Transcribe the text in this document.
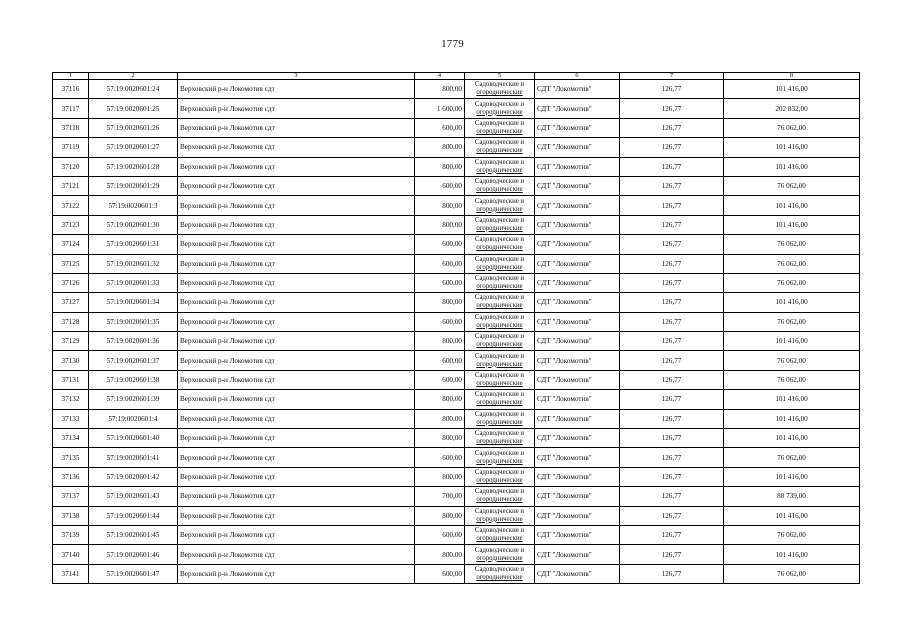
1779
1	2	3	4	5	6	7	8
37116	57:19:0020601:24	Верховский р-н Локомотив сдт	800,00	Садоводческие и
огороднические	СДТ "Локомотив"	126,77	101 416,00
37117	57:19:0020601:25	Верховский р-н Локомотив сдт	1 600,00	Садоводческие и
огороднические	СДТ "Локомотив"	126,77	202 832,00
37118	57:19:0020601:26	Верховский р-н Локомотив сдт	600,00	Садоводческие и
огороднические	СДТ "Локомотив"	126,77	76 062,00
37119	57:19:0020601:27	Верховский р-н Локомотив сдт	800,00	Садоводческие и
огороднические	СДТ "Локомотив"	126,77	101 416,00
37120	57:19:0020601:28	Верховский р-н Локомотив сдт	800,00	Садоводческие и
огороднические	СДТ "Локомотив"	126,77	101 416,00
37121	57:19:0020601:29	Верховский р-н Локомотив сдт	600,00	Садоводческие и
огороднические	СДТ "Локомотив"	126,77	76 062,00
37122	57:19:0020601:3	Верховский р-н Локомотив сдт	800,00	Садоводческие и
огороднические	СДТ "Локомотив"	126,77	101 416,00
37123	57:19:0020601:30	Верховский р-н Локомотив сдт	800,00	Садоводческие и
огороднические	СДТ "Локомотив"	126,77	101 416,00
37124	57:19:0020601:31	Верховский р-н Локомотив сдт	600,00	Садоводческие и
огороднические	СДТ "Локомотив"	126,77	76 062,00
37125	57:19:0020601:32	Верховский р-н Локомотив сдт	600,00	Садоводческие и
огороднические	СДТ "Локомотив"	126,77	76 062,00
37126	57:19:0020601:33	Верховский р-н Локомотив сдт	600,00	Садоводческие и
огороднические	СДТ "Локомотив"	126,77	76 062,00
37127	57:19:0020601:34	Верховский р-н Локомотив сдт	800,00	Садоводческие и
огороднические	СДТ "Локомотив"	126,77	101 416,00
37128	57:19:0020601:35	Верховский р-н Локомотив сдт	600,00	Садоводческие и
огороднические	СДТ "Локомотив"	126,77	76 062,00
37129	57:19:0020601:36	Верховский р-н Локомотив сдт	800,00	Садоводческие и
огороднические	СДТ "Локомотив"	126,77	101 416,00
37130	57:19:0020601:37	Верховский р-н Локомотив сдт	600,00	Садоводческие и
огороднические	СДТ "Локомотив"	126,77	76 062,00
37131	57:19:0020601:38	Верховский р-н Локомотив сдт	600,00	Садоводческие и
огороднические	СДТ "Локомотив"	126,77	76 062,00
37132	57:19:0020601:39	Верховский р-н Локомотив сдт	800,00	Садоводческие и
огороднические	СДТ "Локомотив"	126,77	101 416,00
37133	57:19:0020601:4	Верховский р-н Локомотив сдт	800,00	Садоводческие и
огороднические	СДТ "Локомотив"	126,77	101 416,00
37134	57:19:0020601:40	Верховский р-н Локомотив сдт	800,00	Садоводческие и
огороднические	СДТ "Локомотив"	126,77	101 416,00
37135	57:19:0020601:41	Верховский р-н Локомотив сдт	600,00	Садоводческие и
огороднические	СДТ "Локомотив"	126,77	76 062,00
37136	57:19:0020601:42	Верховский р-н Локомотив сдт	800,00	Садоводческие и
огороднические	СДТ "Локомотив"	126,77	101 416,00
37137	57:19:0020601:43	Верховский р-н Локомотив сдт	700,00	Садоводческие и
огороднические	СДТ "Локомотив"	126,77	88 739,00
37138	57:19:0020601:44	Верховский р-н Локомотив сдт	800,00	Садоводческие и
огороднические	СДТ "Локомотив"	126,77	101 416,00
37139	57:19:0020601:45	Верховский р-н Локомотив сдт	600,00	Садоводческие и
огороднические	СДТ "Локомотив"	126,77	76 062,00
37140	57:19:0020601:46	Верховский р-н Локомотив сдт	800,00	Садоводческие и
огороднические	СДТ "Локомотив"	126,77	101 416,00
37141	57:19:0020601:47	Верховский р-н Локомотив сдт	600,00	Садоводческие и
огороднические	СДТ "Локомотив"	126,77	76 062,00
